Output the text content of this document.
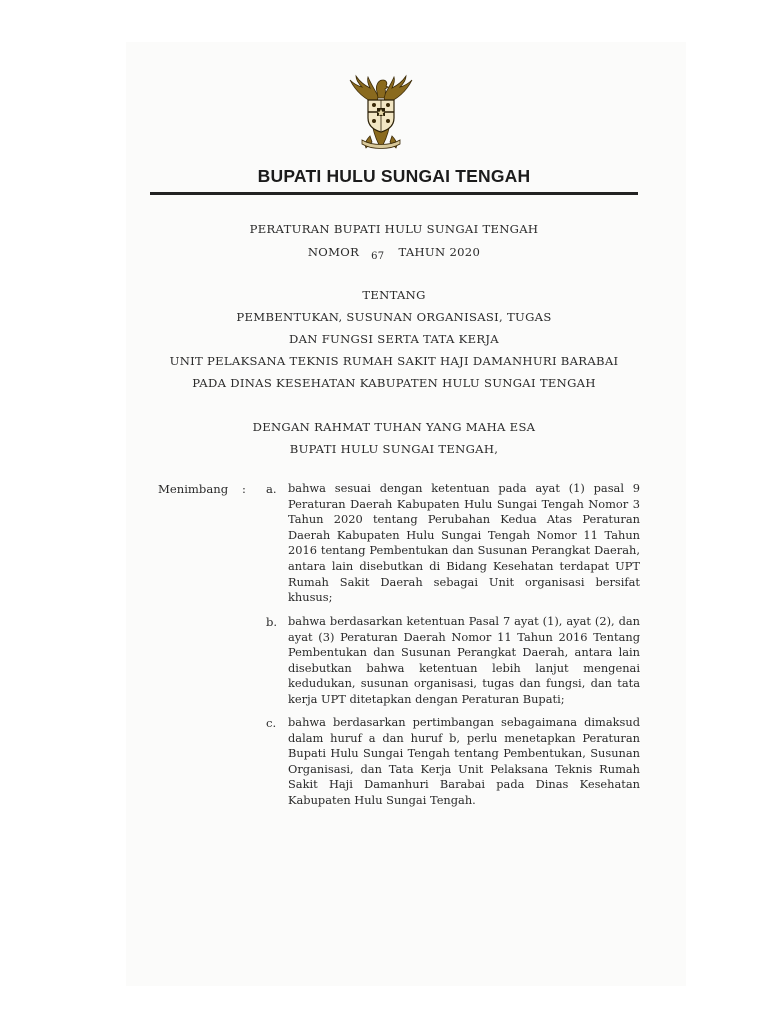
BUPATI HULU SUNGAI TENGAH
PERATURAN BUPATI HULU SUNGAI TENGAH
NOMOR 67 TAHUN 2020
TENTANG
PEMBENTUKAN, SUSUNAN ORGANISASI, TUGAS
DAN FUNGSI SERTA TATA KERJA
UNIT PELAKSANA TEKNIS RUMAH SAKIT HAJI DAMANHURI BARABAI
PADA DINAS KESEHATAN KABUPATEN HULU SUNGAI TENGAH
DENGAN RAHMAT TUHAN YANG MAHA ESA
BUPATI HULU SUNGAI TENGAH,
Menimbang : a. bahwa sesuai dengan ketentuan pada ayat (1) pasal 9 Peraturan Daerah Kabupaten Hulu Sungai Tengah Nomor 3 Tahun 2020 tentang Perubahan Kedua Atas Peraturan Daerah Kabupaten Hulu Sungai Tengah Nomor 11 Tahun 2016 tentang Pembentukan dan Susunan Perangkat Daerah, antara lain disebutkan di Bidang Kesehatan terdapat UPT Rumah Sakit Daerah sebagai Unit organisasi bersifat khusus;
b. bahwa berdasarkan ketentuan Pasal 7 ayat (1), ayat (2), dan ayat (3) Peraturan Daerah Nomor 11 Tahun 2016 Tentang Pembentukan dan Susunan Perangkat Daerah, antara lain disebutkan bahwa ketentuan lebih lanjut mengenai kedudukan, susunan organisasi, tugas dan fungsi, dan tata kerja UPT ditetapkan dengan Peraturan Bupati;
c. bahwa berdasarkan pertimbangan sebagaimana dimaksud dalam huruf a dan huruf b, perlu menetapkan Peraturan Bupati Hulu Sungai Tengah tentang Pembentukan, Susunan Organisasi, dan Tata Kerja Unit Pelaksana Teknis Rumah Sakit Haji Damanhuri Barabai pada Dinas Kesehatan Kabupaten Hulu Sungai Tengah.
